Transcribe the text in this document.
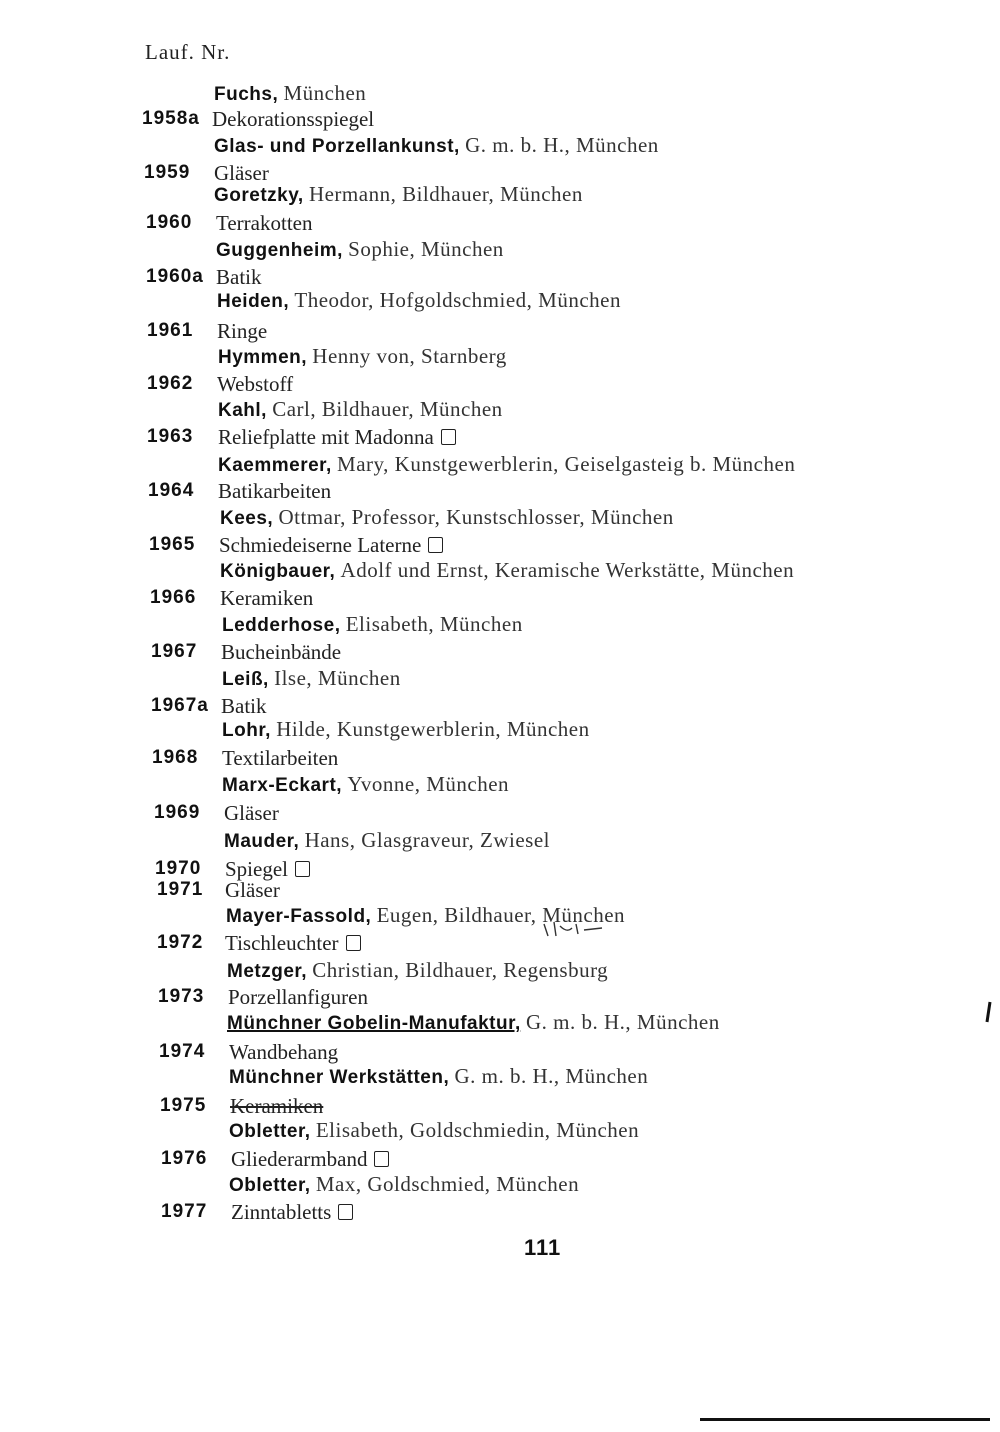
Lauf. Nr.
Fuchs, München
Glas- und Porzellankunst, G. m. b. H., München
Goretzky, Hermann, Bildhauer, München
Guggenheim, Sophie, München
Heiden, Theodor, Hofgoldschmied, München
Hymmen, Henny von, Starnberg
Kahl, Carl, Bildhauer, München
Kaemmerer, Mary, Kunstgewerblerin, Geiselgasteig b. München
Kees, Ottmar, Professor, Kunstschlosser, München
Königbauer, Adolf und Ernst, Keramische Werkstätte, München
Ledderhose, Elisabeth, München
Leiß, Ilse, München
Lohr, Hilde, Kunstgewerblerin, München
Marx-Eckart, Yvonne, München
Mauder, Hans, Glasgraveur, Zwiesel
Mayer-Fassold, Eugen, Bildhauer, München
Metzger, Christian, Bildhauer, Regensburg
Münchner Gobelin-Manufaktur, G. m. b. H., München
Münchner Werkstätten, G. m. b. H., München
Obletter, Elisabeth, Goldschmiedin, München
Obletter, Max, Goldschmied, München
1958a Dekorationsspiegel
1959 Gläser
1960 Terrakotten
1960a Batik
1961 Ringe
1962 Webstoff
1963 Reliefplatte mit Madonna
1964 Batikarbeiten
1965 Schmiedeiserne Laterne
1966 Keramiken
1967 Bucheinbände
1967a Batik
1968 Textilarbeiten
1969 Gläser
1970 Spiegel
1971 Gläser
1972 Tischleuchter
1973 Porzellanfiguren
1974 Wandbehang
1975 Keramiken
1976 Gliederarmband
1977 Zinntabletts
111
